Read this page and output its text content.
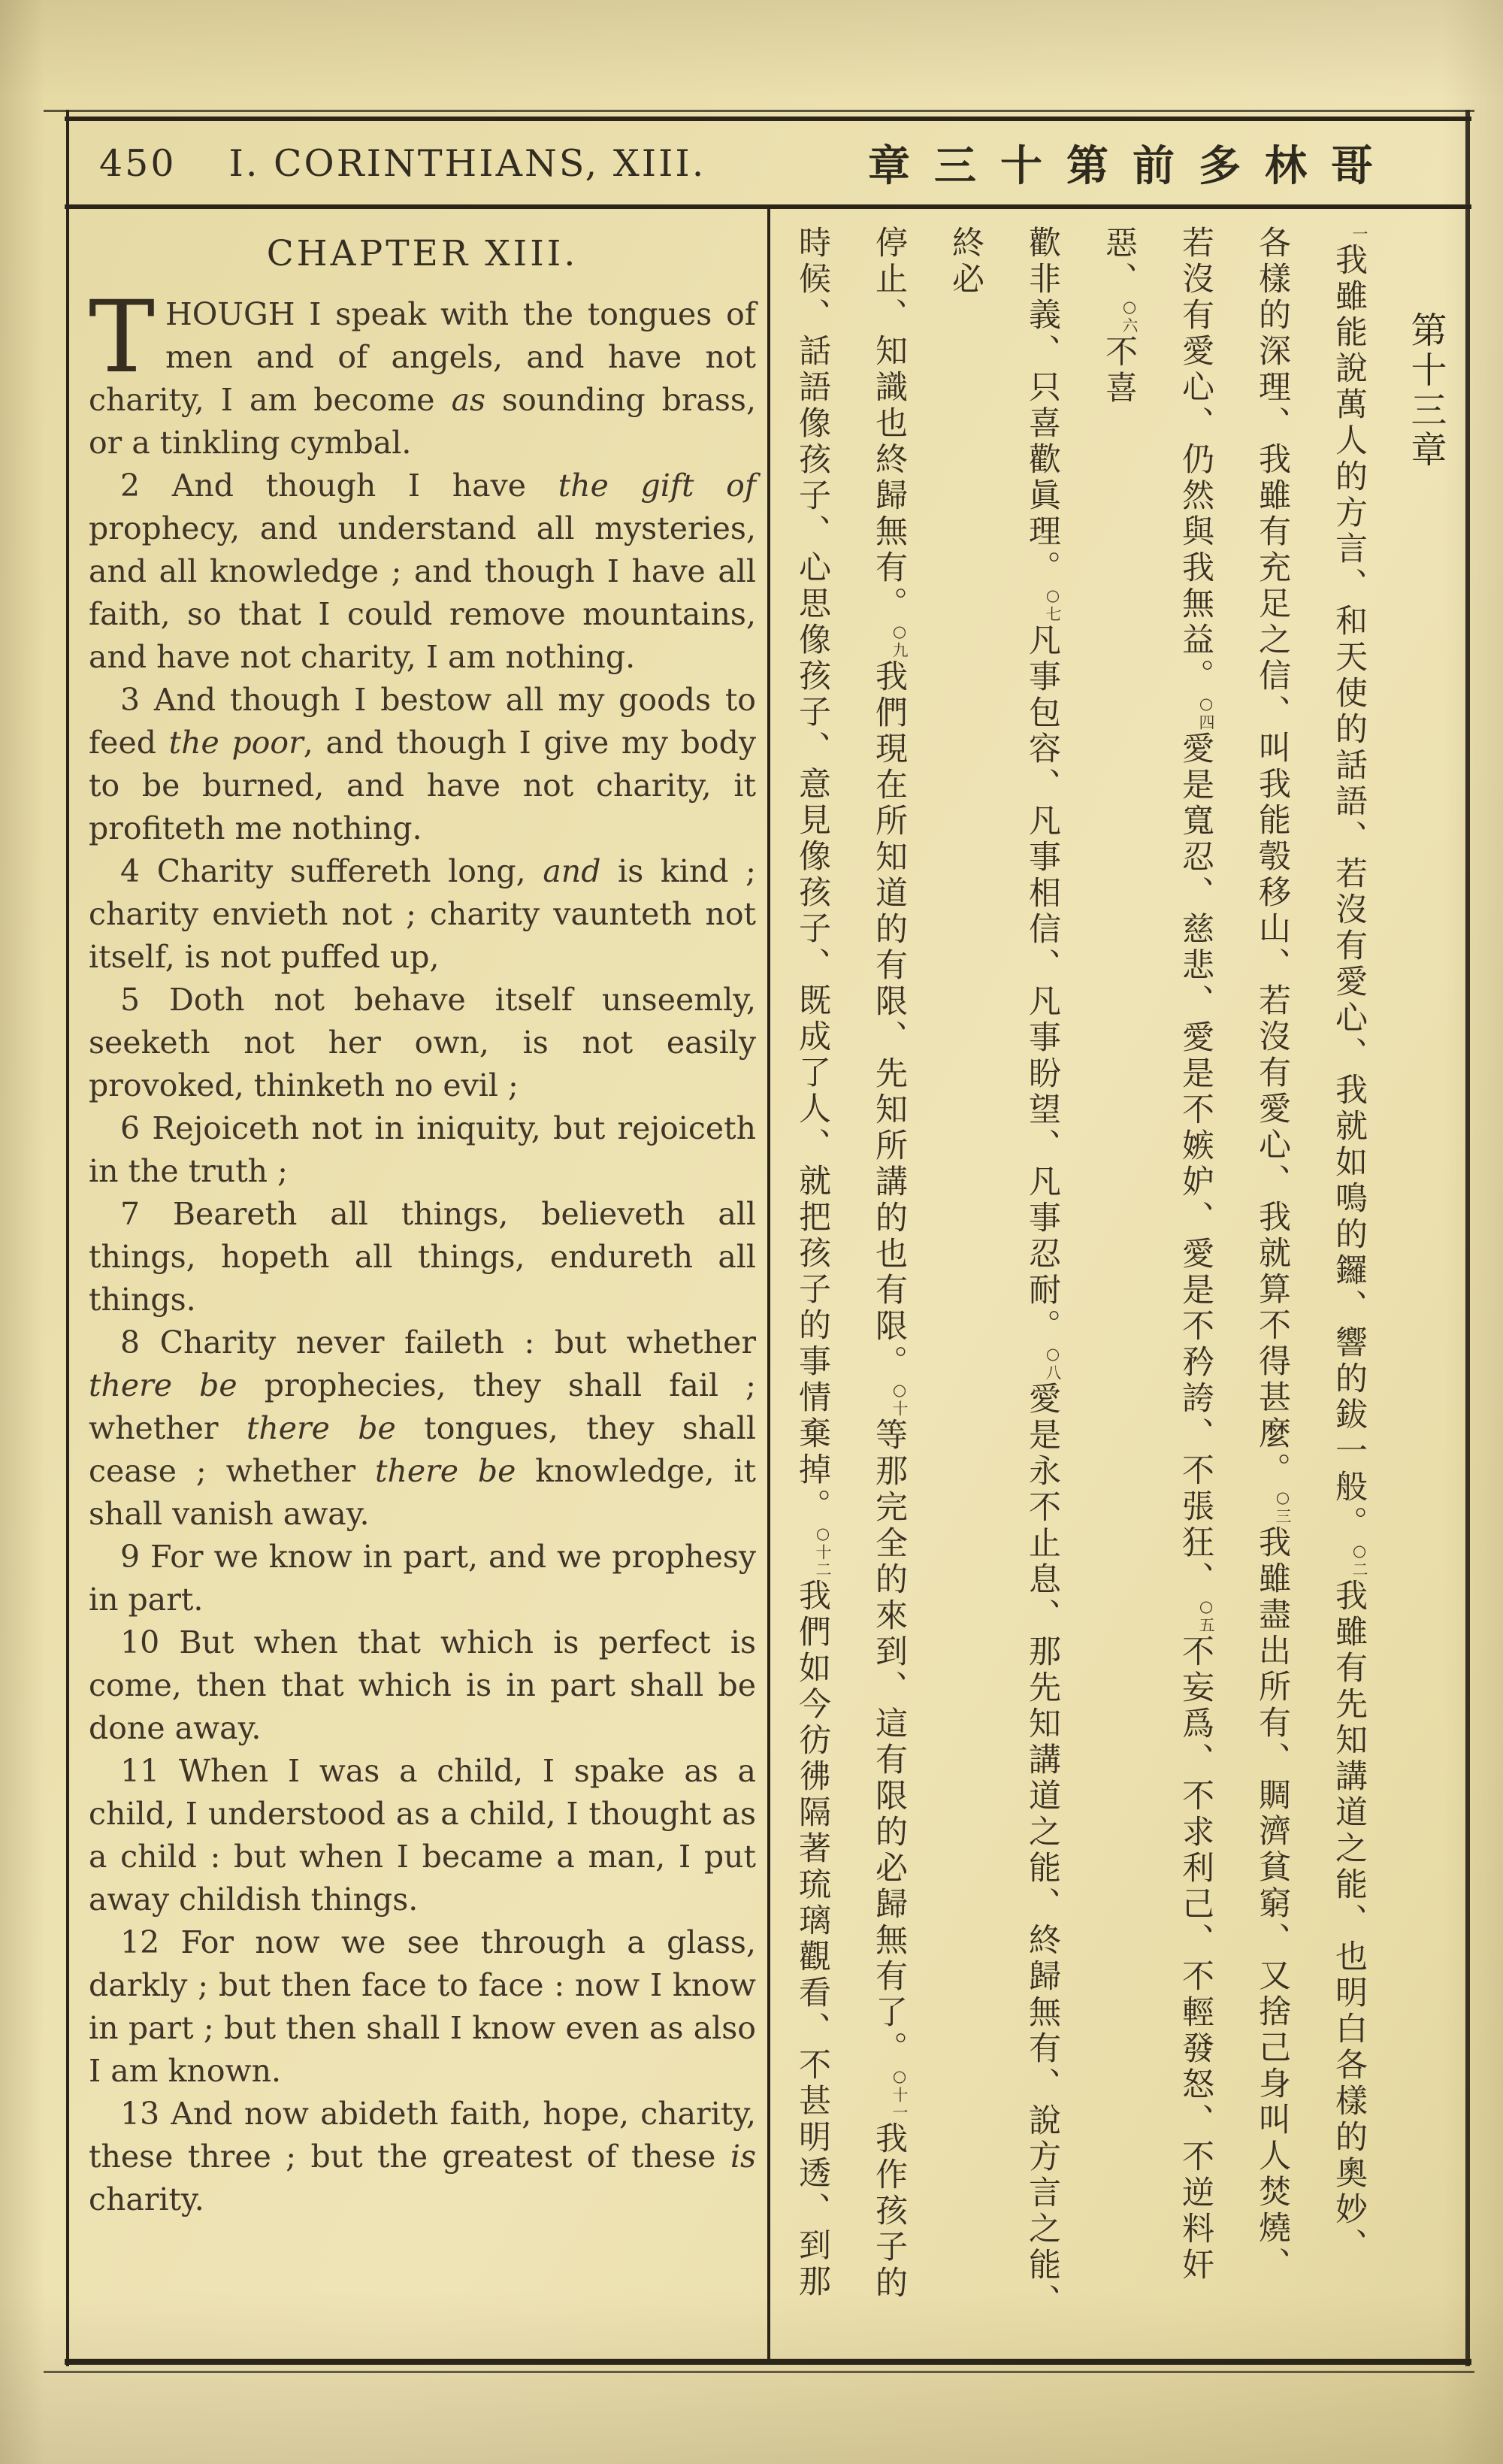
450 I. CORINTHIANS, XIII.	章三十第前多林哥
CHAPTER XIII.

THOUGH I speak with the tongues of men and of angels, and have not charity, I am become as sounding brass, or a tinkling cymbal.

2 And though I have the gift of prophecy, and understand all mysteries, and all knowledge ; and though I have all faith, so that I could remove mountains, and have not charity, I am nothing.

3 And though I bestow all my goods to feed the poor, and though I give my body to be burned, and have not charity, it profiteth me nothing.

4 Charity suffereth long, and is kind ; charity envieth not ; charity vaunteth not itself, is not puffed up,

5 Doth not behave itself unseemly, seeketh not her own, is not easily provoked, thinketh no evil ;

6 Rejoiceth not in iniquity, but rejoiceth in the truth ;

7 Beareth all things, believeth all things, hopeth all things, endureth all things.

8 Charity never faileth : but whether there be prophecies, they shall fail ; whether there be tongues, they shall cease ; whether there be knowledge, it shall vanish away.

9 For we know in part, and we prophesy in part.

10 But when that which is perfect is come, then that which is in part shall be done away.

11 When I was a child, I spake as a child, I understood as a child, I thought as a child : but when I became a man, I put away childish things.

12 For now we see through a glass, darkly ; but then face to face : now I know in part ; but then shall I know even as also I am known.

13 And now abideth faith, hope, charity, these three ; but the greatest of these is charity.

第十三章
一我雖能說萬人的方言、和天使的話語、若沒有愛心、我就如鳴的鑼、響的鈸一般。○二我雖有先知講道之能、也明白各樣的奧妙、
各樣的深理、我雖有充足之信、叫我能彀移山、若沒有愛心、我就算不得甚麼。○三我雖盡出所有、賙濟貧窮、又捨己身叫人焚燒、
若沒有愛心、仍然與我無益。○四愛是寬忍、慈悲、愛是不嫉妒、愛是不矜誇、不張狂、○五不妄爲、不求利己、不輕發怒、不逆料奸惡、○六不喜
歡非義、只喜歡眞理。○七凡事包容、凡事相信、凡事盼望、凡事忍耐。○八愛是永不止息、那先知講道之能、終歸無有、說方言之能、終必
停止、知識也終歸無有。○九我們現在所知道的有限、先知所講的也有限。○十等那完全的來到、這有限的必歸無有了。○十一我作孩子的
時候、話語像孩子、心思像孩子、意見像孩子、既成了人、就把孩子的事情棄掉。○十二我們如今彷彿隔著琉璃觀看、不甚明透、到那
